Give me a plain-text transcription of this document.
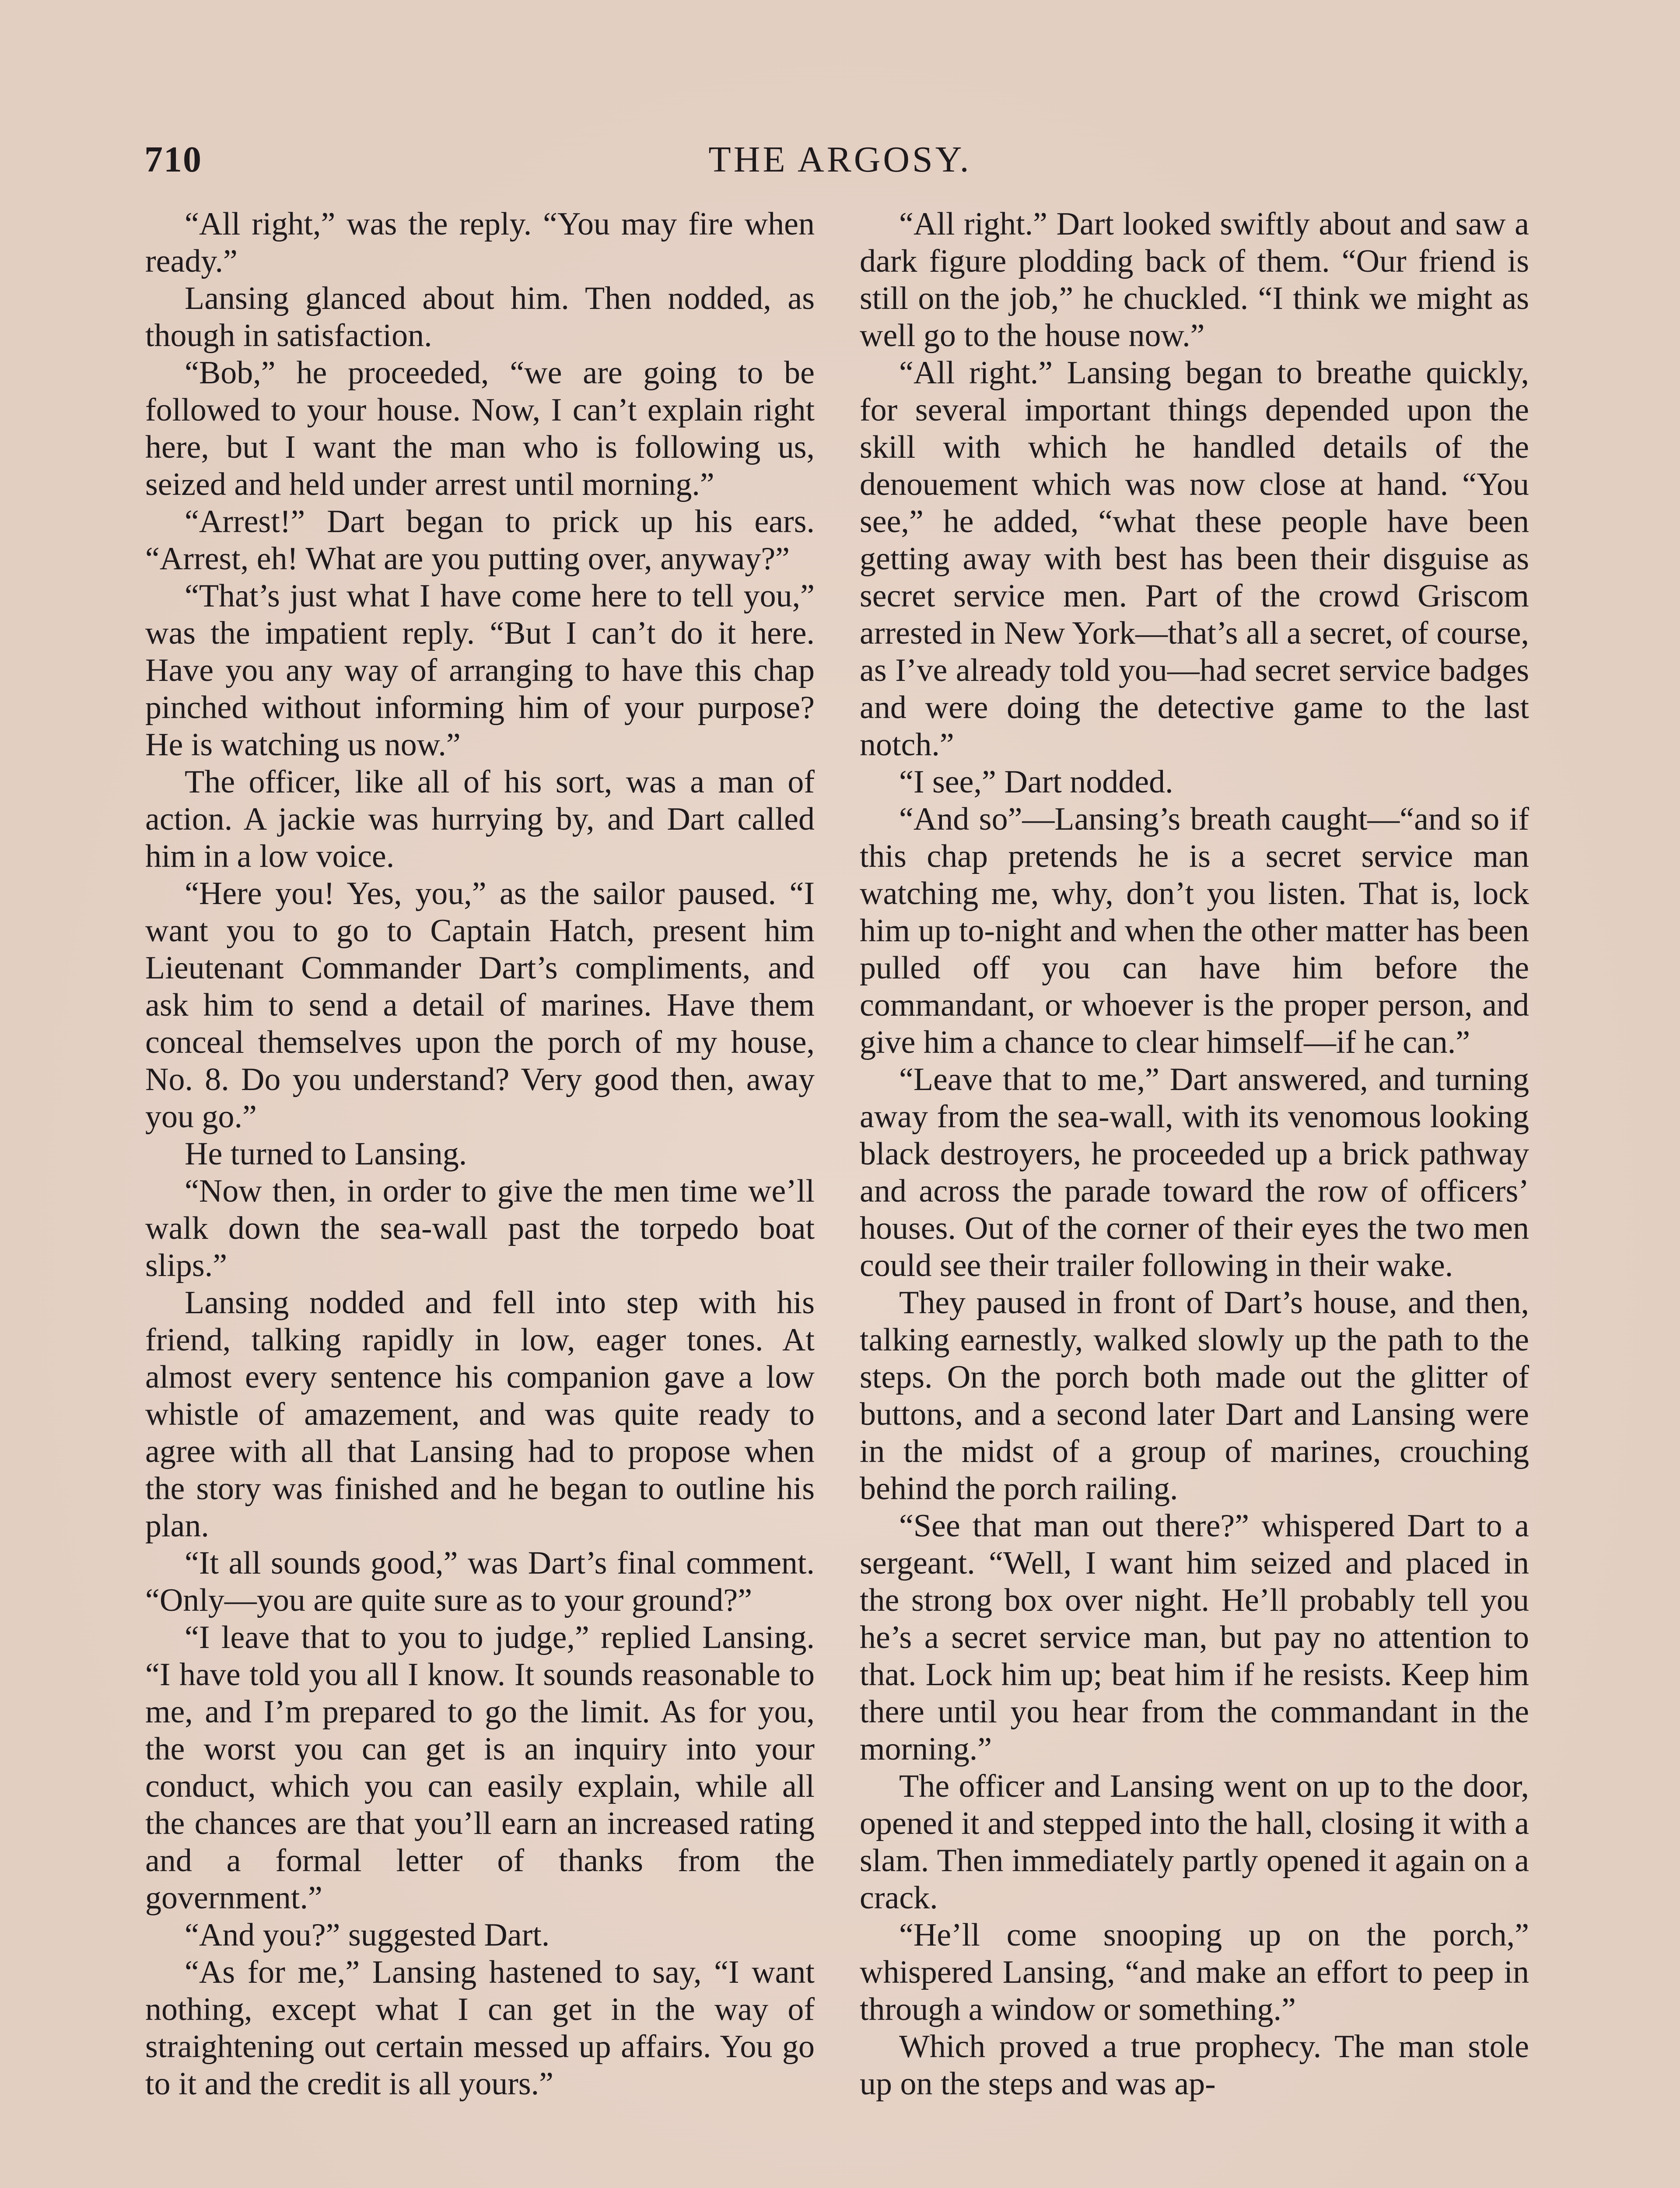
710	THE ARGOSY.

“All right,” was the reply. “You may fire when ready.”

Lansing glanced about him. Then nodded, as though in satisfaction.

“Bob,” he proceeded, “we are going to be followed to your house. Now, I can’t explain right here, but I want the man who is following us, seized and held under arrest until morning.”

“Arrest!” Dart began to prick up his ears. “Arrest, eh! What are you putting over, anyway?”

“That’s just what I have come here to tell you,” was the impatient reply. “But I can’t do it here. Have you any way of arranging to have this chap pinched without informing him of your purpose? He is watching us now.”

The officer, like all of his sort, was a man of action. A jackie was hurrying by, and Dart called him in a low voice.

“Here you! Yes, you,” as the sailor paused. “I want you to go to Captain Hatch, present him Lieutenant Commander Dart’s compliments, and ask him to send a detail of marines. Have them conceal themselves upon the porch of my house, No. 8. Do you understand? Very good then, away you go.”

He turned to Lansing.

“Now then, in order to give the men time we’ll walk down the sea-wall past the torpedo boat slips.”

Lansing nodded and fell into step with his friend, talking rapidly in low, eager tones. At almost every sentence his companion gave a low whistle of amazement, and was quite ready to agree with all that Lansing had to propose when the story was finished and he began to outline his plan.

“It all sounds good,” was Dart’s final comment. “Only—you are quite sure as to your ground?”

“I leave that to you to judge,” replied Lansing. “I have told you all I know. It sounds reasonable to me, and I’m prepared to go the limit. As for you, the worst you can get is an inquiry into your conduct, which you can easily explain, while all the chances are that you’ll earn an increased rating and a formal letter of thanks from the government.”

“And you?” suggested Dart.

“As for me,” Lansing hastened to say, “I want nothing, except what I can get in the way of straightening out certain messed up affairs. You go to it and the credit is all yours.”

“All right.” Dart looked swiftly about and saw a dark figure plodding back of them. “Our friend is still on the job,” he chuckled. “I think we might as well go to the house now.”

“All right.” Lansing began to breathe quickly, for several important things depended upon the skill with which he handled details of the denouement which was now close at hand. “You see,” he added, “what these people have been getting away with best has been their disguise as secret service men. Part of the crowd Griscom arrested in New York—that’s all a secret, of course, as I’ve already told you—had secret service badges and were doing the detective game to the last notch.”

“I see,” Dart nodded.

“And so”—Lansing’s breath caught—“and so if this chap pretends he is a secret service man watching me, why, don’t you listen. That is, lock him up to-night and when the other matter has been pulled off you can have him before the commandant, or whoever is the proper person, and give him a chance to clear himself—if he can.”

“Leave that to me,” Dart answered, and turning away from the sea-wall, with its venomous looking black destroyers, he proceeded up a brick pathway and across the parade toward the row of officers’ houses. Out of the corner of their eyes the two men could see their trailer following in their wake.

They paused in front of Dart’s house, and then, talking earnestly, walked slowly up the path to the steps. On the porch both made out the glitter of buttons, and a second later Dart and Lansing were in the midst of a group of marines, crouching behind the porch railing.

“See that man out there?” whispered Dart to a sergeant. “Well, I want him seized and placed in the strong box over night. He’ll probably tell you he’s a secret service man, but pay no attention to that. Lock him up; beat him if he resists. Keep him there until you hear from the commandant in the morning.”

The officer and Lansing went on up to the door, opened it and stepped into the hall, closing it with a slam. Then immediately partly opened it again on a crack.

“He’ll come snooping up on the porch,” whispered Lansing, “and make an effort to peep in through a window or something.”

Which proved a true prophecy. The man stole up on the steps and was ap-
